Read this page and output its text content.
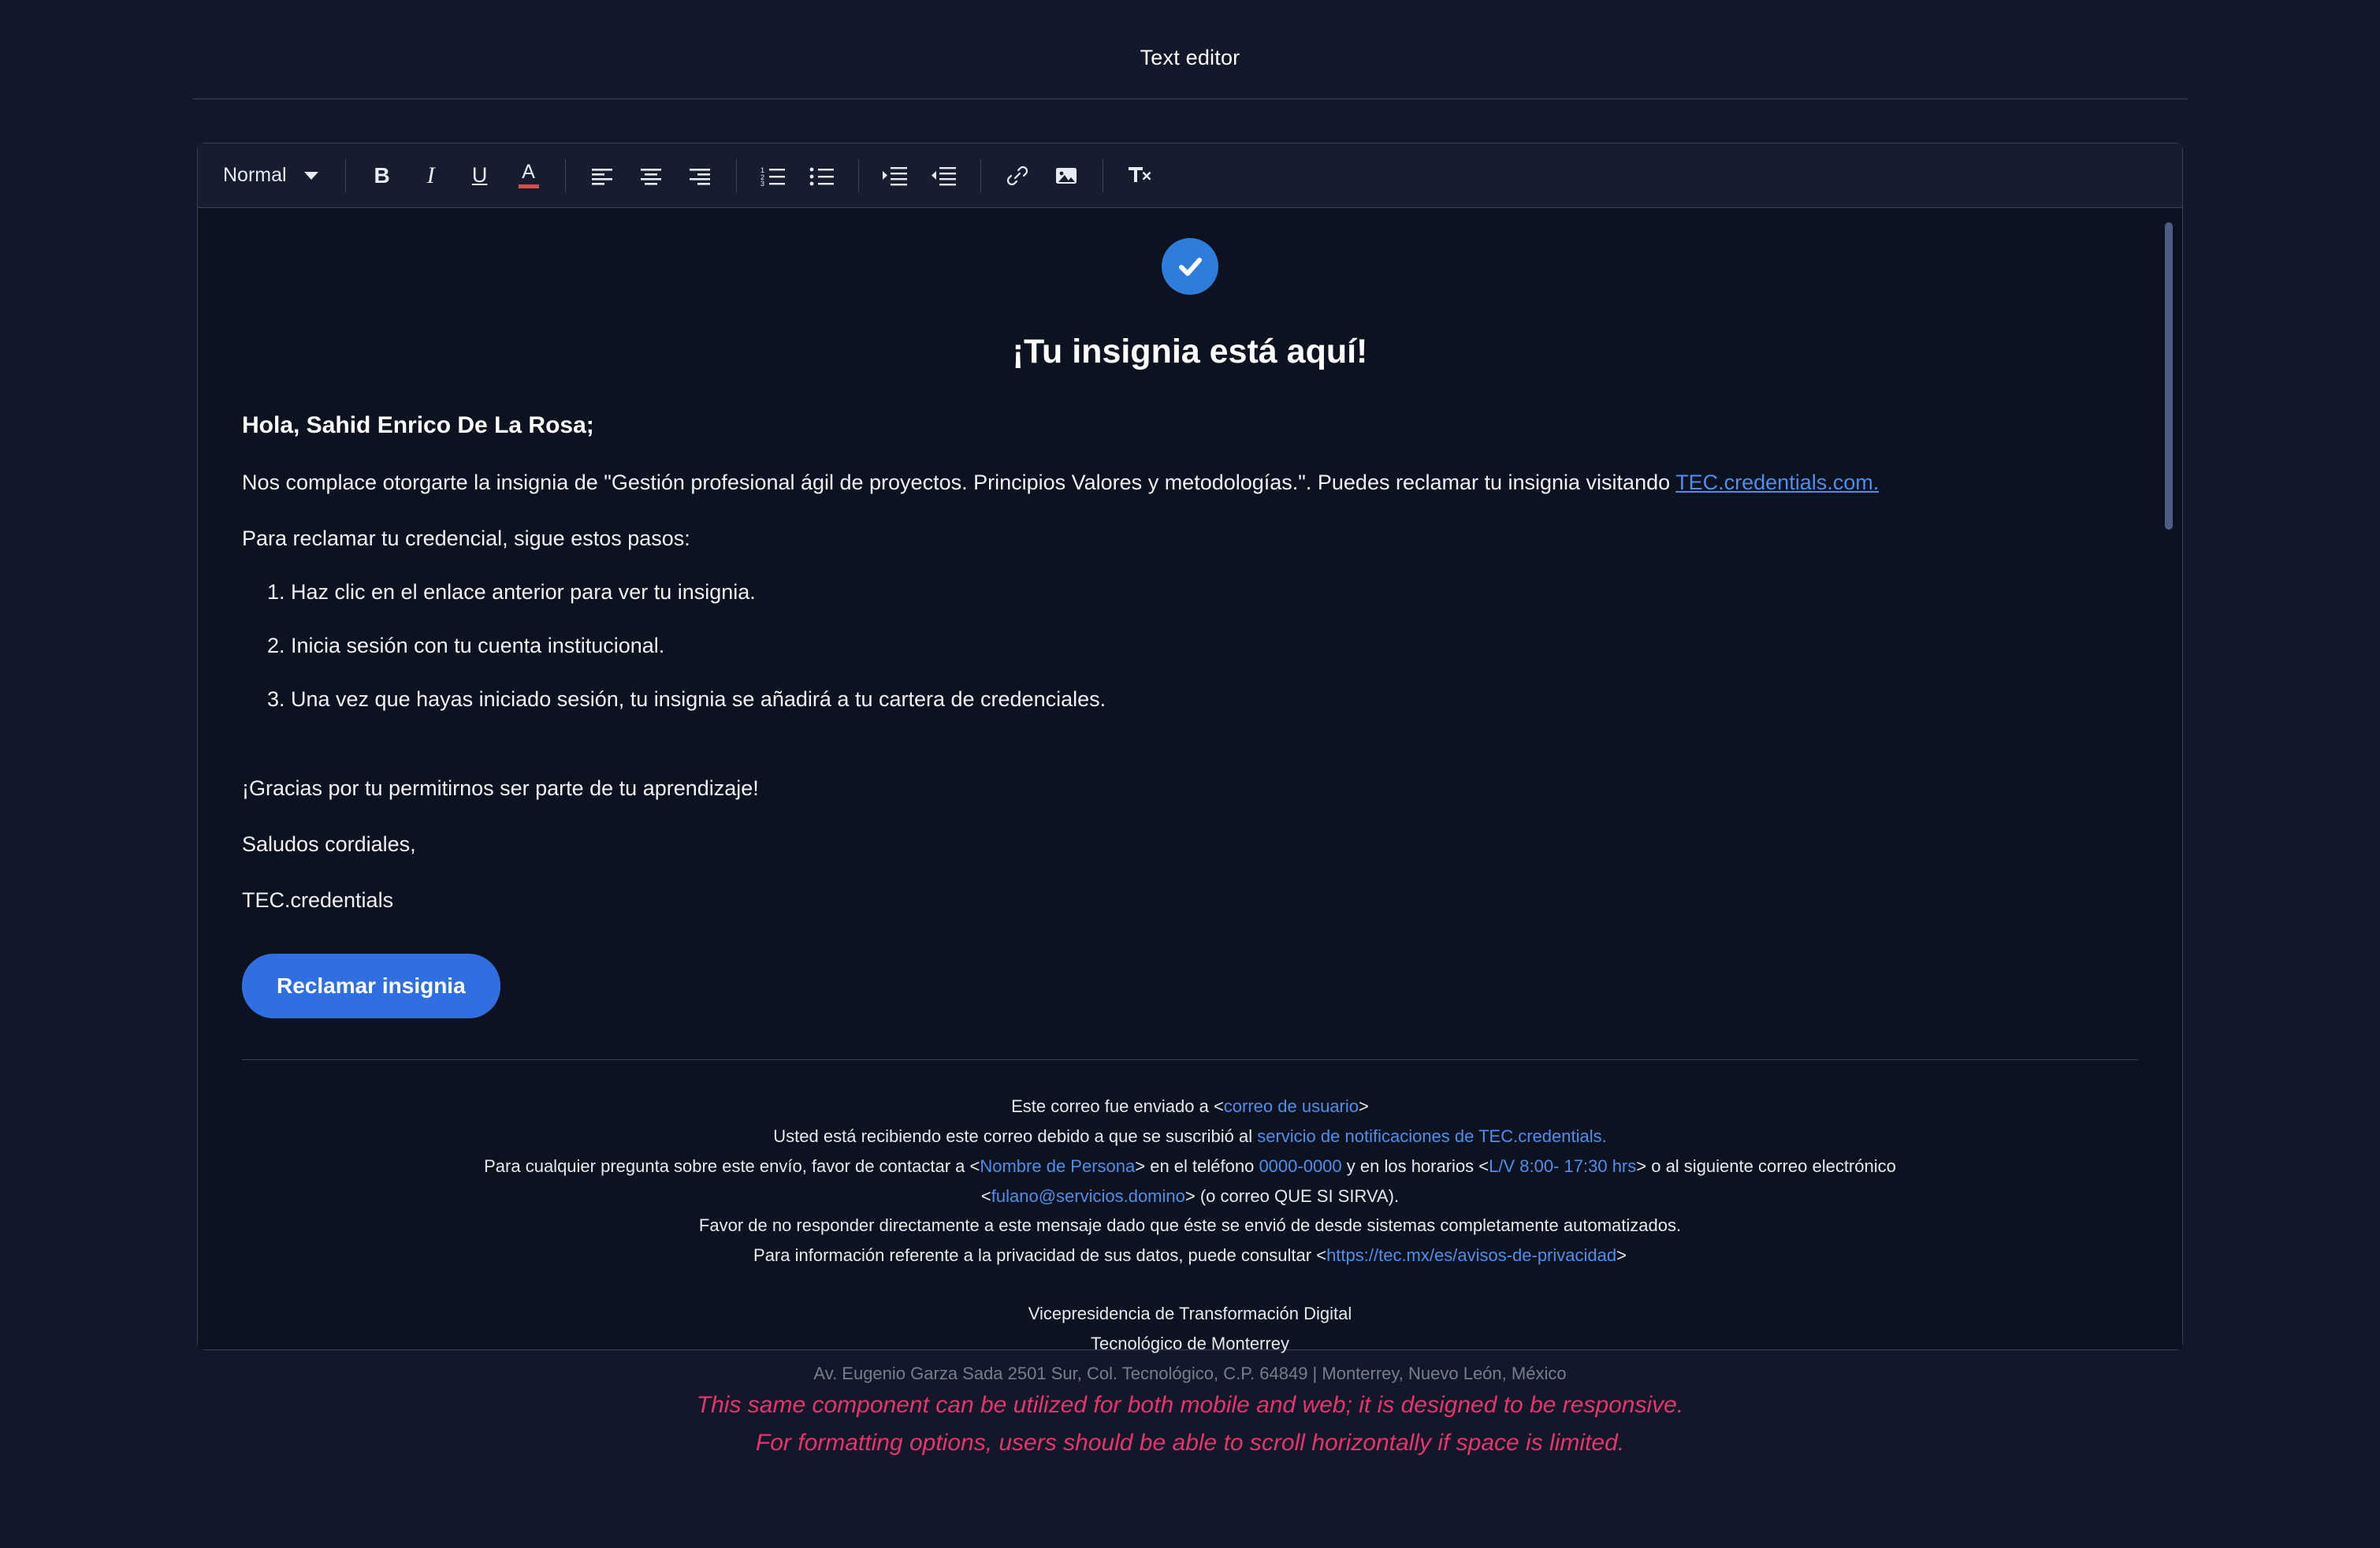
Text editor
Normal	B I U A	1
2
3
¡Tu insignia está aquí!
Hola, Sahid Enrico De La Rosa;
Nos complace otorgarte la insignia de "Gestión profesional ágil de proyectos. Principios Valores y metodologías.". Puedes reclamar tu insignia visitando TEC.credentials.com.
Para reclamar tu credencial, sigue estos pasos:
1. Haz clic en el enlace anterior para ver tu insignia.
2. Inicia sesión con tu cuenta institucional.
3. Una vez que hayas iniciado sesión, tu insignia se añadirá a tu cartera de credenciales.
¡Gracias por tu permitirnos ser parte de tu aprendizaje!
Saludos cordiales,
TEC.credentials
Reclamar insignia
Este correo fue enviado a <correo de usuario>
Usted está recibiendo este correo debido a que se suscribió al servicio de notificaciones de TEC.credentials.
Para cualquier pregunta sobre este envío, favor de contactar a <Nombre de Persona> en el teléfono 0000-0000 y en los horarios <L/V 8:00- 17:30 hrs> o al siguiente correo electrónico
<fulano@servicios.domino> (o correo QUE SI SIRVA).
Favor de no responder directamente a este mensaje dado que éste se envió de desde sistemas completamente automatizados.
Para información referente a la privacidad de sus datos, puede consultar <https://tec.mx/es/avisos-de-privacidad>
Vicepresidencia de Transformación Digital
Tecnológico de Monterrey
Av. Eugenio Garza Sada 2501 Sur, Col. Tecnológico, C.P. 64849 | Monterrey, Nuevo León, México
This same component can be utilized for both mobile and web; it is designed to be responsive.
For formatting options, users should be able to scroll horizontally if space is limited.
